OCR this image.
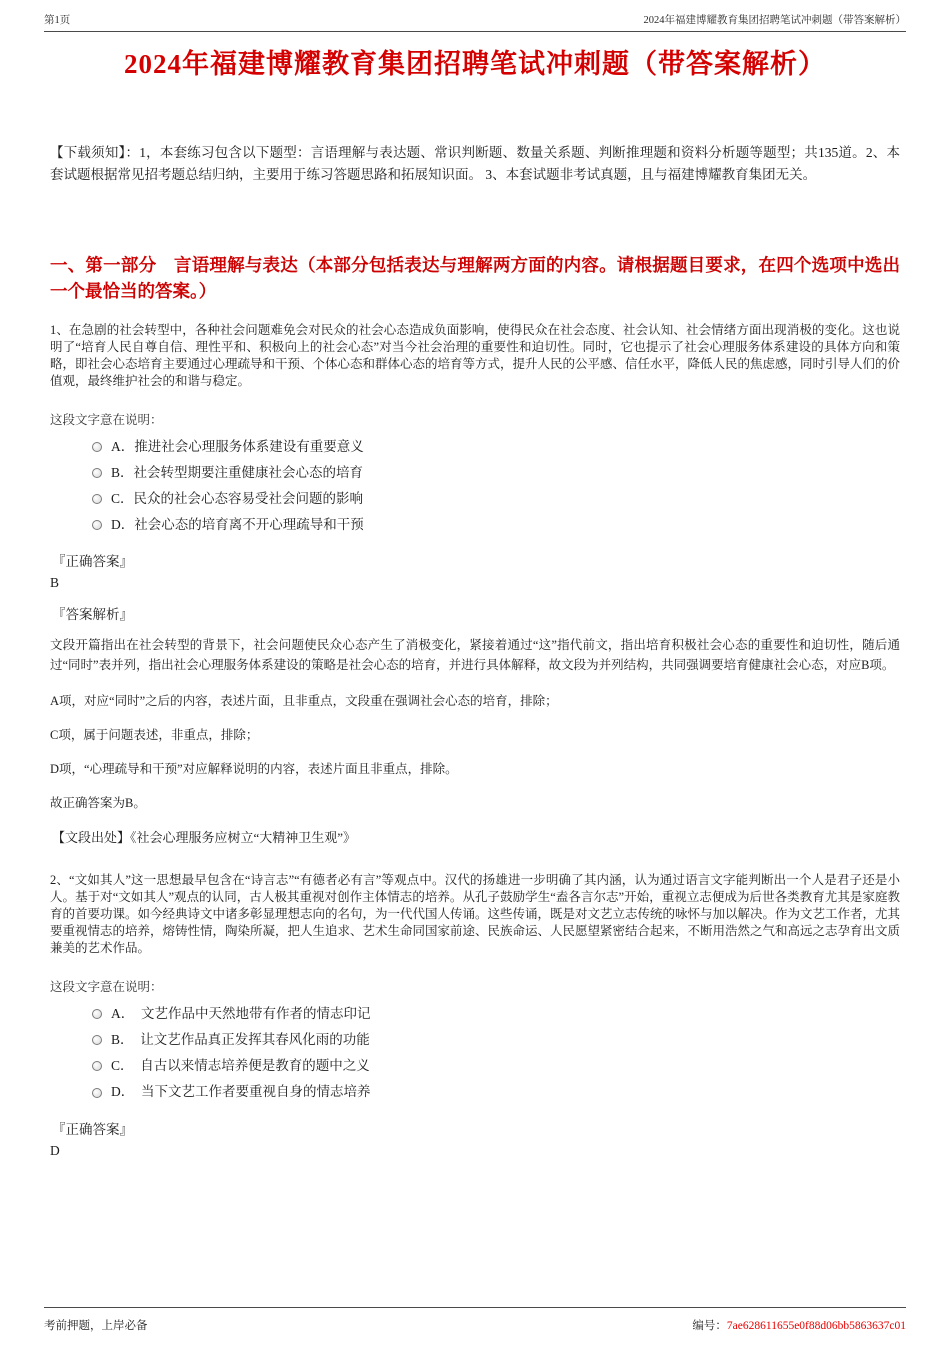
第1页	2024年福建博耀教育集团招聘笔试冲刺题（带答案解析）
2024年福建博耀教育集团招聘笔试冲刺题（带答案解析）

【下载须知】：1，本套练习包含以下题型：言语理解与表达题、常识判断题、数量关系题、判断推理题和资料分析题等题型；共135道。2、本套试题根据常见招考题总结归纳，主要用于练习答题思路和拓展知识面。 3、本套试题非考试真题，且与福建博耀教育集团无关。

一、第一部分　言语理解与表达（本部分包括表达与理解两方面的内容。请根据题目要求，在四个选项中选出一个最恰当的答案。）

1、在急剧的社会转型中，各种社会问题难免会对民众的社会心态造成负面影响，使得民众在社会态度、社会认知、社会情绪方面出现消极的变化。这也说明了“培育人民自尊自信、理性平和、积极向上的社会心态”对当今社会治理的重要性和迫切性。同时，它也提示了社会心理服务体系建设的具体方向和策略，即社会心态培育主要通过心理疏导和干预、个体心态和群体心态的培育等方式，提升人民的公平感、信任水平，降低人民的焦虑感，同时引导人们的价值观，最终维护社会的和谐与稳定。

这段文字意在说明：

A．推进社会心理服务体系建设有重要意义
B．社会转型期要注重健康社会心态的培育
C．民众的社会心态容易受社会问题的影响
D．社会心态的培育离不开心理疏导和干预
『正确答案』
B
『答案解析』

文段开篇指出在社会转型的背景下，社会问题使民众心态产生了消极变化，紧接着通过“这”指代前文，指出培育积极社会心态的重要性和迫切性，随后通过“同时”表并列，指出社会心理服务体系建设的策略是社会心态的培育，并进行具体解释，故文段为并列结构，共同强调要培育健康社会心态，对应B项。

A项，对应“同时”之后的内容，表述片面，且非重点，文段重在强调社会心态的培育，排除；

C项，属于问题表述，非重点，排除；

D项，“心理疏导和干预”对应解释说明的内容，表述片面且非重点，排除。

故正确答案为B。

【文段出处】《社会心理服务应树立“大精神卫生观”》

2、“文如其人”这一思想最早包含在“诗言志”“有德者必有言”等观点中。汉代的扬雄进一步明确了其内涵，认为通过语言文字能判断出一个人是君子还是小人。基于对“文如其人”观点的认同，古人极其重视对创作主体情志的培养。从孔子鼓励学生“盍各言尔志”开始，重视立志便成为后世各类教育尤其是家庭教育的首要功课。如今经典诗文中诸多彰显理想志向的名句，为一代代国人传诵。这些传诵，既是对文艺立志传统的咏怀与加以解决。作为文艺工作者，尤其要重视情志的培养，熔铸性情，陶染所凝，把人生追求、艺术生命同国家前途、民族命运、人民愿望紧密结合起来，不断用浩然之气和高远之志孕育出文质兼美的艺术作品。

这段文字意在说明：

A．　文艺作品中天然地带有作者的情志印记
B．　让文艺作品真正发挥其春风化雨的功能
C．　自古以来情志培养便是教育的题中之义
D．　当下文艺工作者要重视自身的情志培养
『正确答案』
D
考前押题，上岸必备	编号：7ae628611655e0f88d06bb5863637c01
